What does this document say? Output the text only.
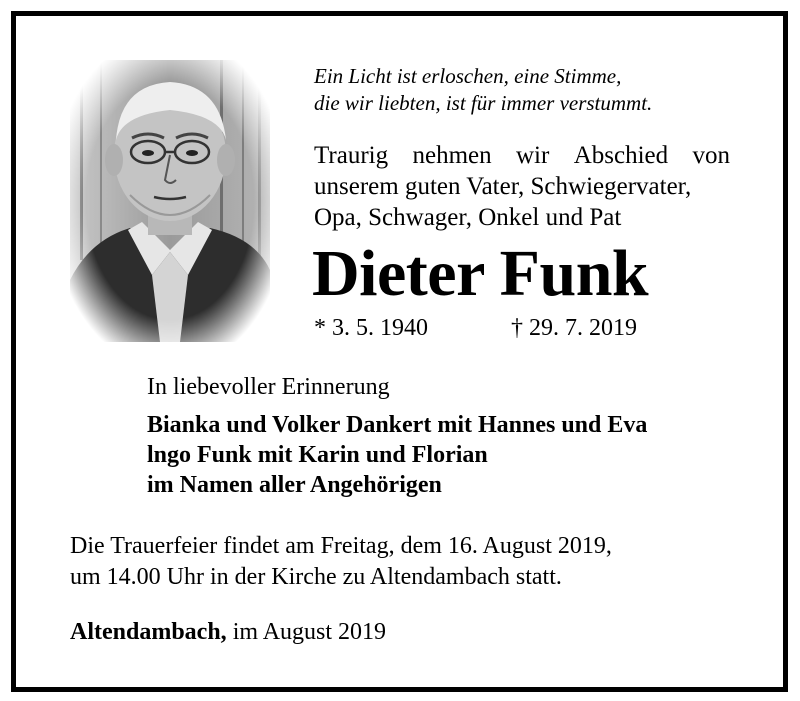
Ein Licht ist erloschen, eine Stimme,
die wir liebten, ist für immer verstummt.
Traurig nehmen wir Abschied von
unserem guten Vater, Schwiegervater,
Opa, Schwager, Onkel und Pat
Dieter Funk
* 3. 5. 1940	† 29. 7. 2019
In liebevoller Erinnerung
Bianka und Volker Dankert mit Hannes und Eva
lngo Funk mit Karin und Florian
im Namen aller Angehörigen
Die Trauerfeier findet am Freitag, dem 16. August 2019,
um 14.00 Uhr in der Kirche zu Altendambach statt.
Altendambach, im August 2019
